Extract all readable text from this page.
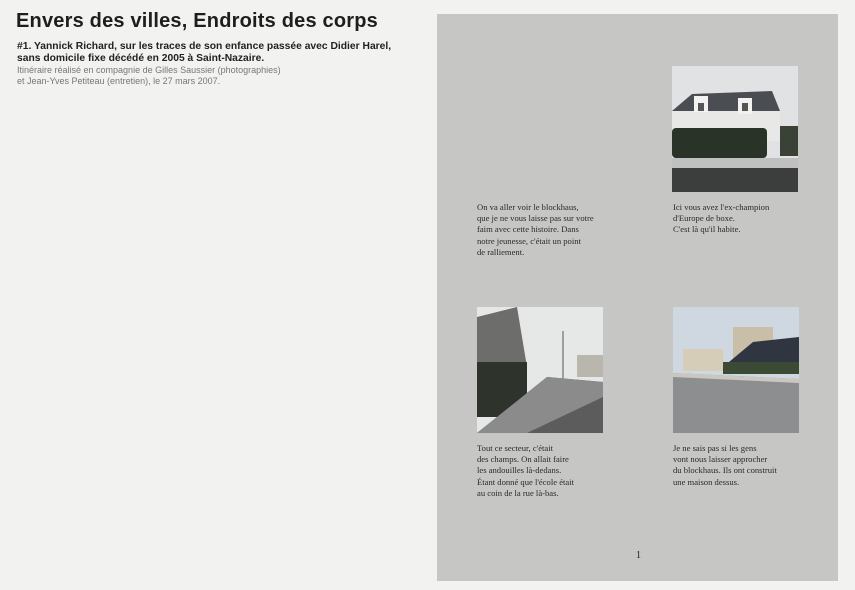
Envers des villes, Endroits des corps
#1. Yannick Richard, sur les traces de son enfance passée avec Didier Harel,
sans domicile fixe décédé en 2005 à Saint-Nazaire.
Itinéraire réalisé en compagnie de Gilles Saussier (photographies)
et Jean-Yves Petiteau (entretien), le 27 mars 2007.
On va aller voir le blockhaus,
que je ne vous laisse pas sur votre
faim avec cette histoire. Dans
notre jeunesse, c'était un point
de ralliement.
Ici vous avez l'ex-champion
d'Europe de boxe.
C'est là qu'il habite.
Tout ce secteur, c'était
des champs. On allait faire
les andouilles là-dedans.
Étant donné que l'école était
au coin de la rue là-bas.
Je ne sais pas si les gens
vont nous laisser approcher
du blockhaus. Ils ont construit
une maison dessus.
1
